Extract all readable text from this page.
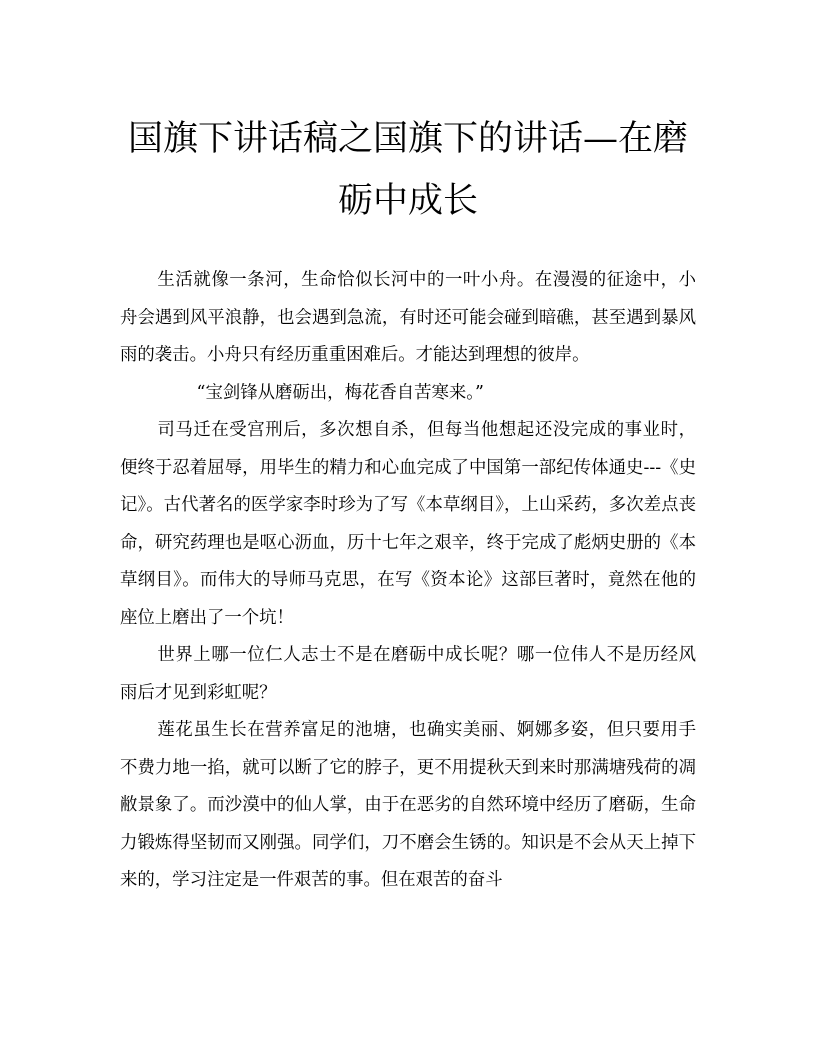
国旗下讲话稿之国旗下的讲话—在磨砺中成长

生活就像一条河，生命恰似长河中的一叶小舟。在漫漫的征途中，小舟会遇到风平浪静，也会遇到急流，有时还可能会碰到暗礁，甚至遇到暴风雨的袭击。小舟只有经历重重困难后。才能达到理想的彼岸。

“宝剑锋从磨砺出，梅花香自苦寒来。”

司马迁在受宫刑后，多次想自杀，但每当他想起还没完成的事业时，便终于忍着屈辱，用毕生的精力和心血完成了中国第一部纪传体通史---《史记》。古代著名的医学家李时珍为了写《本草纲目》，上山采药，多次差点丧命，研究药理也是呕心沥血，历十七年之艰辛，终于完成了彪炳史册的《本草纲目》。而伟大的导师马克思，在写《资本论》这部巨著时，竟然在他的座位上磨出了一个坑！

世界上哪一位仁人志士不是在磨砺中成长呢？哪一位伟人不是历经风雨后才见到彩虹呢？

莲花虽生长在营养富足的池塘，也确实美丽、婀娜多姿，但只要用手不费力地一掐，就可以断了它的脖子，更不用提秋天到来时那满塘残荷的凋敝景象了。而沙漠中的仙人掌，由于在恶劣的自然环境中经历了磨砺，生命力锻炼得坚韧而又刚强。同学们，刀不磨会生锈的。知识是不会从天上掉下来的，学习注定是一件艰苦的事。但在艰苦的奋斗
